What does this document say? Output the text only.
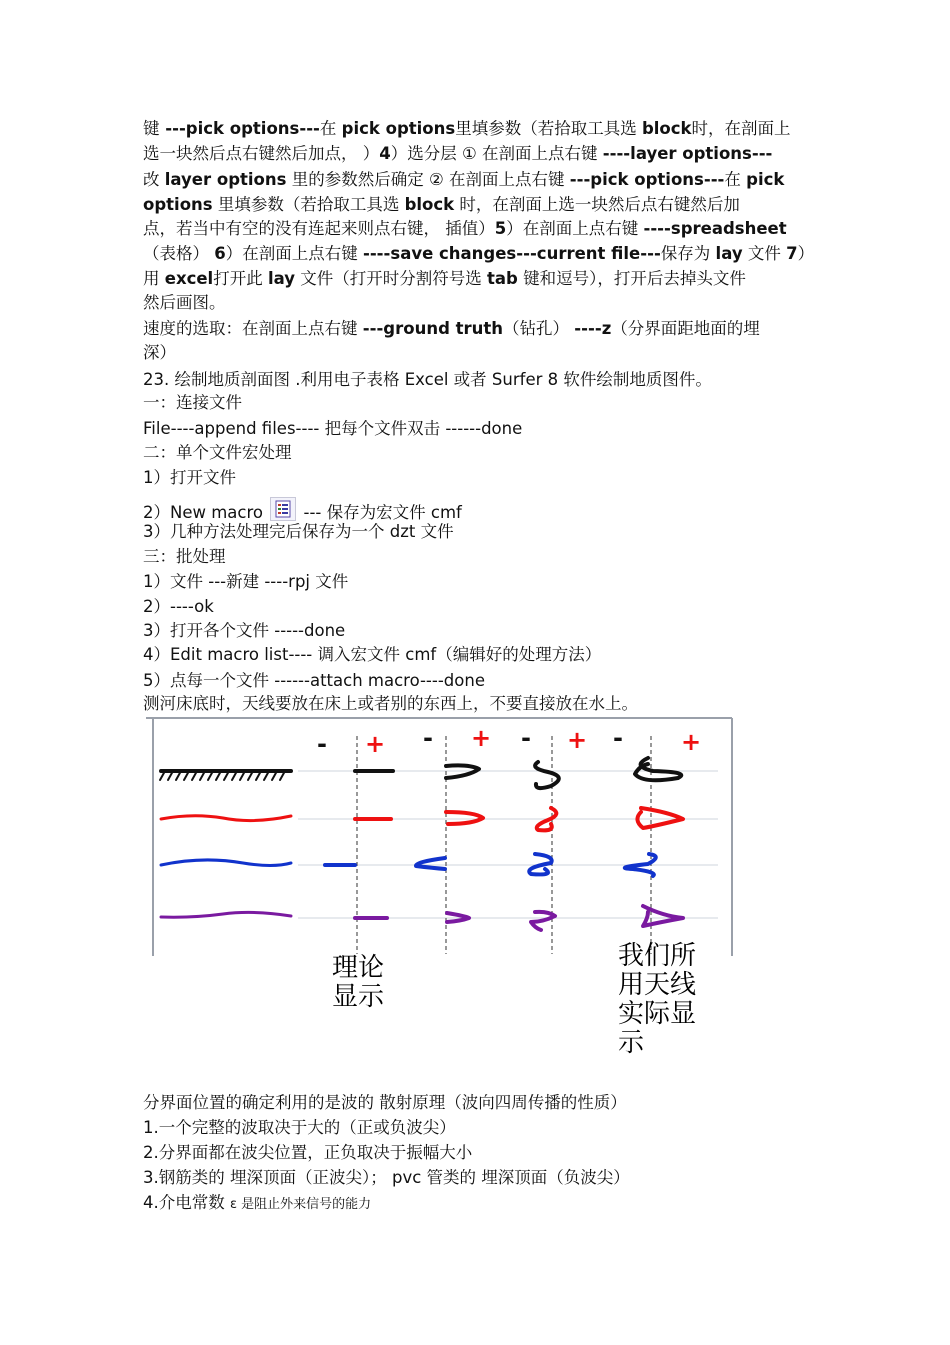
键 ---pick options---在 pick options里填参数（若拾取工具选 block时，在剖面上
选一块然后点右键然后加点， ）4）选分层 ① 在剖面上点右键 ----layer options---
改 layer options 里的参数然后确定 ② 在剖面上点右键 ---pick options---在 pick
options 里填参数（若拾取工具选 block 时，在剖面上选一块然后点右键然后加
点，若当中有空的没有连起来则点右键， 插值）5）在剖面上点右键 ----spreadsheet
（表格） 6）在剖面上点右键 ----save changes---current file---保存为 lay 文件 7）
用 excel打开此 lay 文件（打开时分割符号选 tab 键和逗号），打开后去掉头文件
然后画图。
速度的选取：在剖面上点右键 ---ground truth（钻孔） ----z（分界面距地面的埋
深）
23. 绘制地质剖面图 .利用电子表格 Excel 或者 Surfer 8 软件绘制地质图件。
一：连接文件
File----append files---- 把每个文件双击 ------done
二：单个文件宏处理
1）打开文件
2）New macro --- 保存为宏文件 cmf
3）几种方法处理完后保存为一个 dzt 文件
三：批处理
1）文件 ---新建 ----rpj 文件
2）----ok
3）打开各个文件 -----done
4）Edit macro list---- 调入宏文件 cmf（编辑好的处理方法）
5）点每一个文件 ------attach macro----done
测河床底时，天线要放在床上或者别的东西上，不要直接放在水上。
- + - + - + - +
理论
显示
我们所
用天线
实际显
示
分界面位置的确定利用的是波的 散射原理（波向四周传播的性质）
1.一个完整的波取决于大的（正或负波尖）
2.分界面都在波尖位置，正负取决于振幅大小
3.钢筋类的 埋深顶面（正波尖）； pvc 管类的 埋深顶面（负波尖）
4.介电常数 ε 是阻止外来信号的能力
